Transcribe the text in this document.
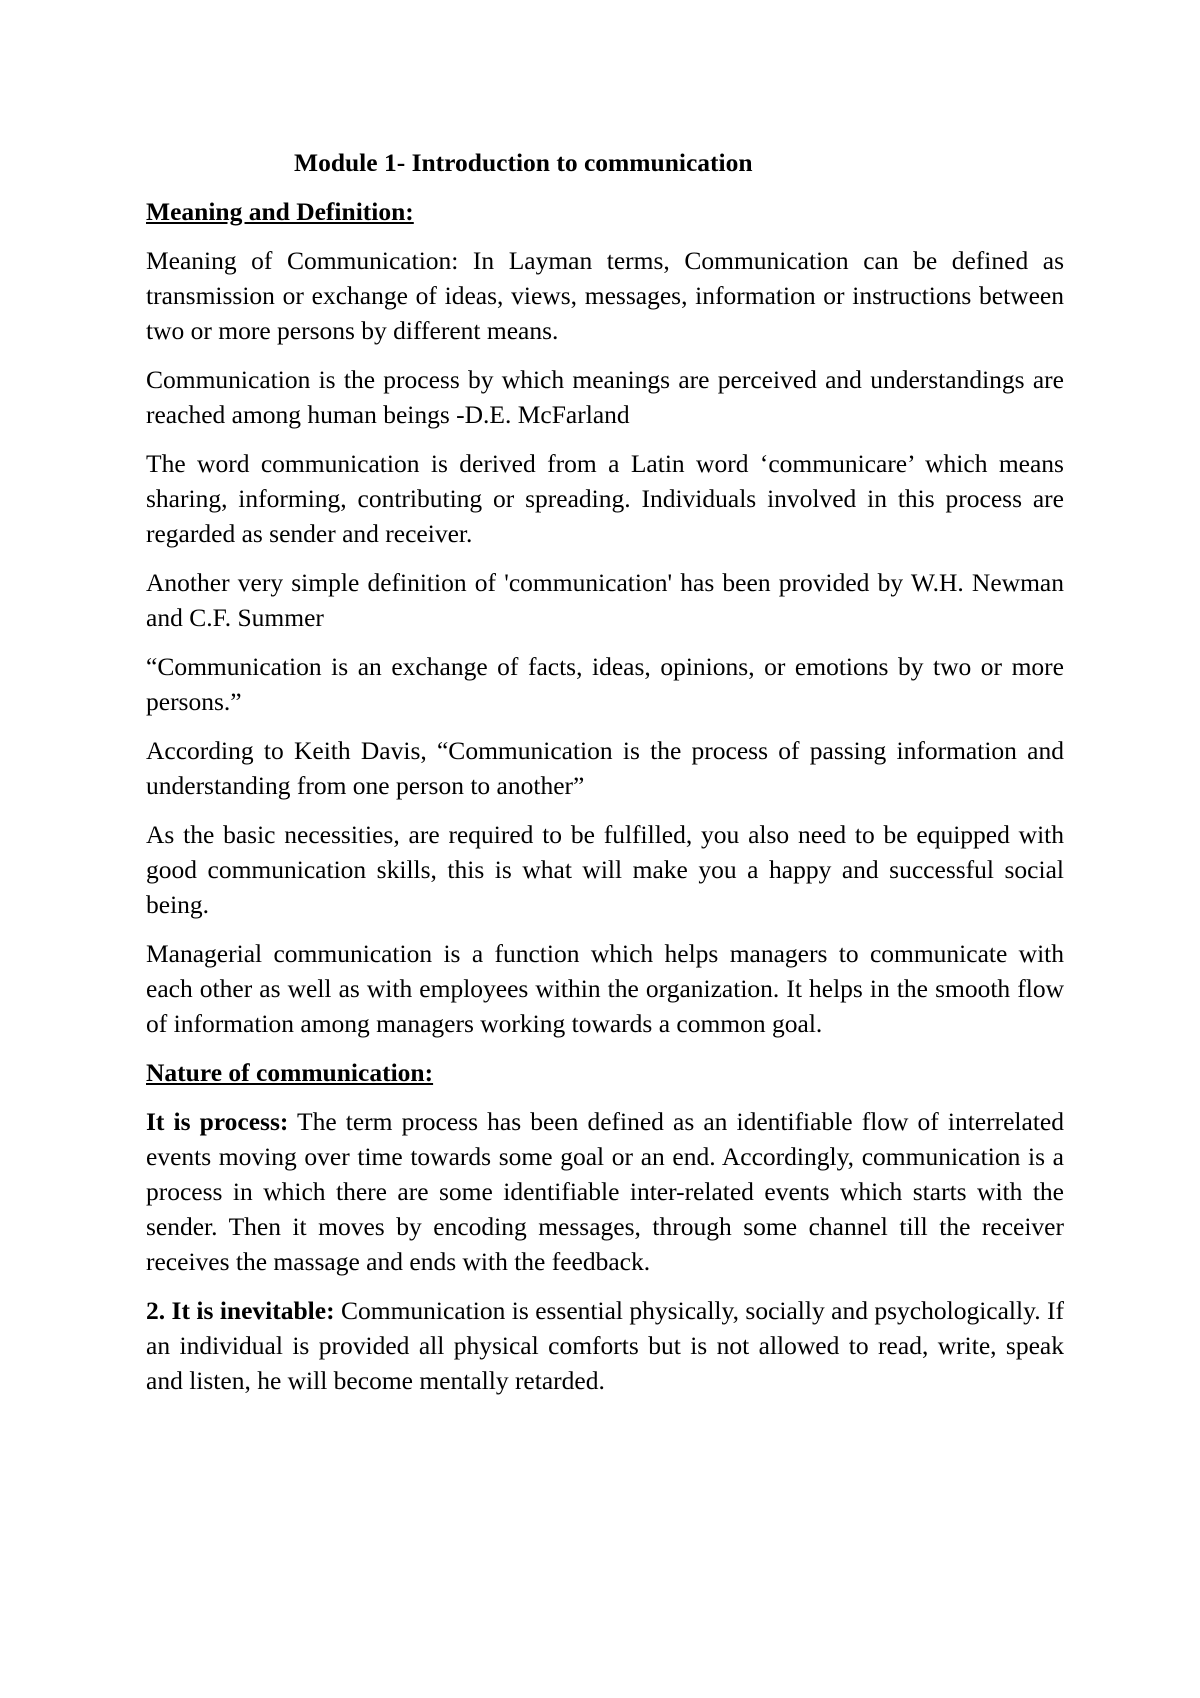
Module 1- Introduction to communication
Meaning and Definition:

Meaning of Communication: In Layman terms, Communication can be defined as transmission or exchange of ideas, views, messages, information or instructions between two or more persons by different means.

Communication is the process by which meanings are perceived and understandings are reached among human beings -D.E. McFarland

The word communication is derived from a Latin word ‘communicare’ which means sharing, informing, contributing or spreading. Individuals involved in this process are regarded as sender and receiver.

Another very simple definition of 'communication' has been provided by W.H. Newman and C.F. Summer

“Communication is an exchange of facts, ideas, opinions, or emotions by two or more persons.”

According to Keith Davis, “Communication is the process of passing information and understanding from one person to another”

As the basic necessities, are required to be fulfilled, you also need to be equipped with good communication skills, this is what will make you a happy and successful social being.

Managerial communication is a function which helps managers to communicate with each other as well as with employees within the organization. It helps in the smooth flow of information among managers working towards a common goal.

Nature of communication:

It is process: The term process has been defined as an identifiable flow of interrelated events moving over time towards some goal or an end. Accordingly, communication is a process in which there are some identifiable inter-related events which starts with the sender. Then it moves by encoding messages, through some channel till the receiver receives the massage and ends with the feedback.

2. It is inevitable: Communication is essential physically, socially and psychologically. If an individual is provided all physical comforts but is not allowed to read, write, speak and listen, he will become mentally retarded.
